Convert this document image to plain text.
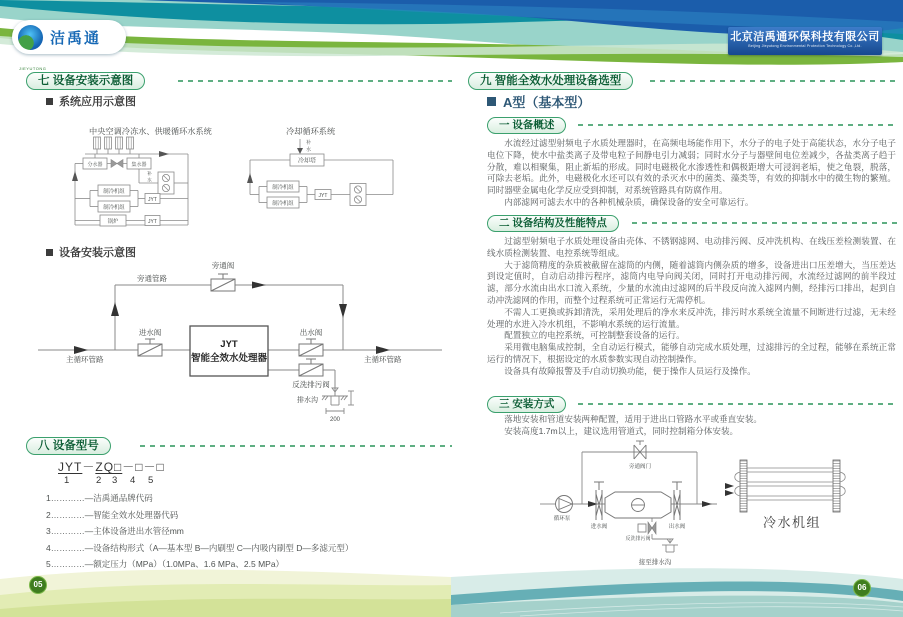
洁禹通
JIEYUTONG
北京洁禹通环保科技有限公司
Beijing Jieyutong Environmental Protection Technology Co.,Ltd.
七 设备安装示意图
系统应用示意图
中央空调冷冻水、供暖循环水系统	冷却循环系统
分水器	集水器
补
水
制冷机组
制冷机组
JYT
锅炉	JYT
补
水
冷却塔
制冷机组
制冷机组
JYT
设备安装示意图
旁通管路
旁通阀
进水阀
JYT
智能全效水处理器
出水阀
反洗排污阀
排水沟
200
主循环管路	主循环管路
八 设备型号
JYT－ZQ□－□－□
1	2 3 4 5
1…………—洁禹通品牌代码
2…………—智能全效水处理器代码
3…………—主体设备进出水管径mm
4…………—设备结构形式（A—基本型 B—内刷型 C—内吸内刷型 D—多滤元型）
5…………—额定压力（MPa）（1.0MPa、1.6 MPa、2.5 MPa）
九 智能全效水处理设备选型
A型（基本型）
一 设备概述

水流经过滤型射频电子水质处理器时，在高频电场能作用下，水分子的电子处于高能状态，水分子电子电位下降，使水中盐类离子及带电粒子间静电引力减弱；同时水分子与器壁间电位差减少，各盐类离子趋于分散，难以相聚集，阻止新垢的形成。同时电磁极化水渗透性和偶极距增大可浸润老垢，使之龟裂，脱落，可除去老垢。此外，电磁极化水还可以有效的杀灭水中的菌类、藻类等，有效的抑制水中的微生物的繁殖。同时器壁金属电化学反应受到抑制，对系统管路具有防腐作用。

内部滤网可滤去水中的各种机械杂质，确保设备的安全可靠运行。

二 设备结构及性能特点

过滤型射频电子水质处理设备由壳体、不锈钢滤网、电动排污阀、反冲洗机构、在线压差检测装置、在线水质检测装置、电控系统等组成。

大于滤筒精度的杂质被截留在滤筒的内侧，随着滤筒内侧杂质的增多，设备进出口压差增大，当压差达到设定值时，自动启动排污程序，滤筒内电导向阀关闭，同时打开电动排污阀，水流经过滤网的前半段过滤，部分水流由出水口流入系统，少量的水流由过滤网的后半段反向流入滤网内侧，经排污口排出，起到自动冲洗滤网的作用，而整个过程系统可正常运行无需停机。

不需人工更换或拆卸清洗，采用处理后的净水来反冲洗，排污时水系统全流量不间断进行过滤，无未经处理的水进入冷水机组，不影响水系统的运行流量。

配置独立的电控系统，可控制整套设备的运行。

采用微电脑集成控制，全自动运行模式，能够自动完成水质处理，过滤排污的全过程，能够在系统正常运行的情况下，根据设定的水质参数实现自动控制操作。

设备具有故障报警及手/自动切换功能，便于操作人员运行及操作。

三 安装方式

落地安装和管道安装两种配置，适用于进出口管路水平或垂直安装。

安装高度1.7m以上，建议选用管道式，同时控制箱分体安装。

循环泵
旁通阀门
进水阀	出水阀
反洗排污阀
接至排水沟
冷水机组
05	06
